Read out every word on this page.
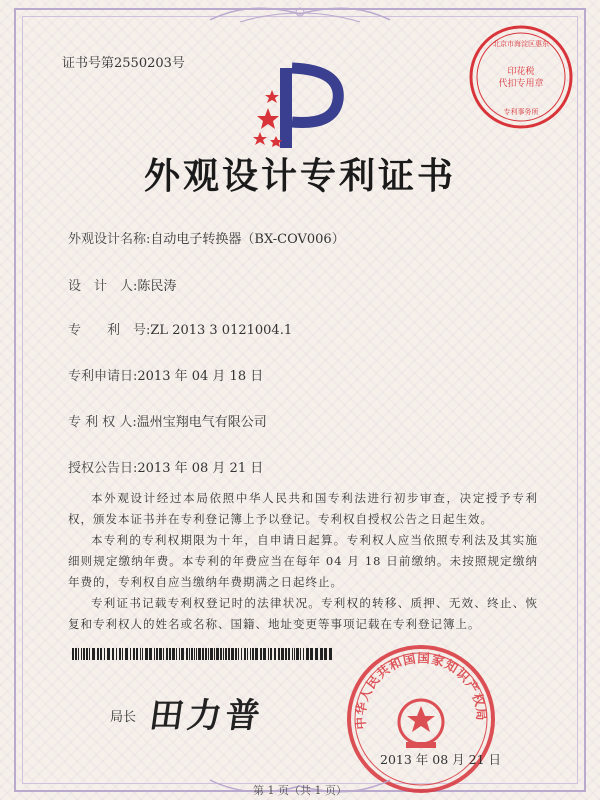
证书号第2550203号
印花税
代扣专用章
北京市海淀区惠东
专利事务所
外观设计专利证书
外观设计名称:自动电子转换器（BX-COV006）
设　计　人:陈民涛
专　　利　号:ZL 2013 3 0121004.1
专利申请日:2013 年 04 月 18 日
专 利 权 人:温州宝翔电气有限公司
授权公告日:2013 年 08 月 21 日

本外观设计经过本局依照中华人民共和国专利法进行初步审查，决定授予专利权，颁发本证书并在专利登记簿上予以登记。专利权自授权公告之日起生效。

本专利的专利权期限为十年，自申请日起算。专利权人应当依照专利法及其实施细则规定缴纳年费。本专利的年费应当在每年 04 月 18 日前缴纳。未按照规定缴纳年费的，专利权自应当缴纳年费期满之日起终止。

专利证书记载专利权登记时的法律状况。专利权的转移、质押、无效、终止、恢复和专利权人的姓名或名称、国籍、地址变更等事项记载在专利登记簿上。

局长 田力普	中华人民共和国国家知识产权局
2013 年 08 月 21 日
第 1 页（共 1 页）
